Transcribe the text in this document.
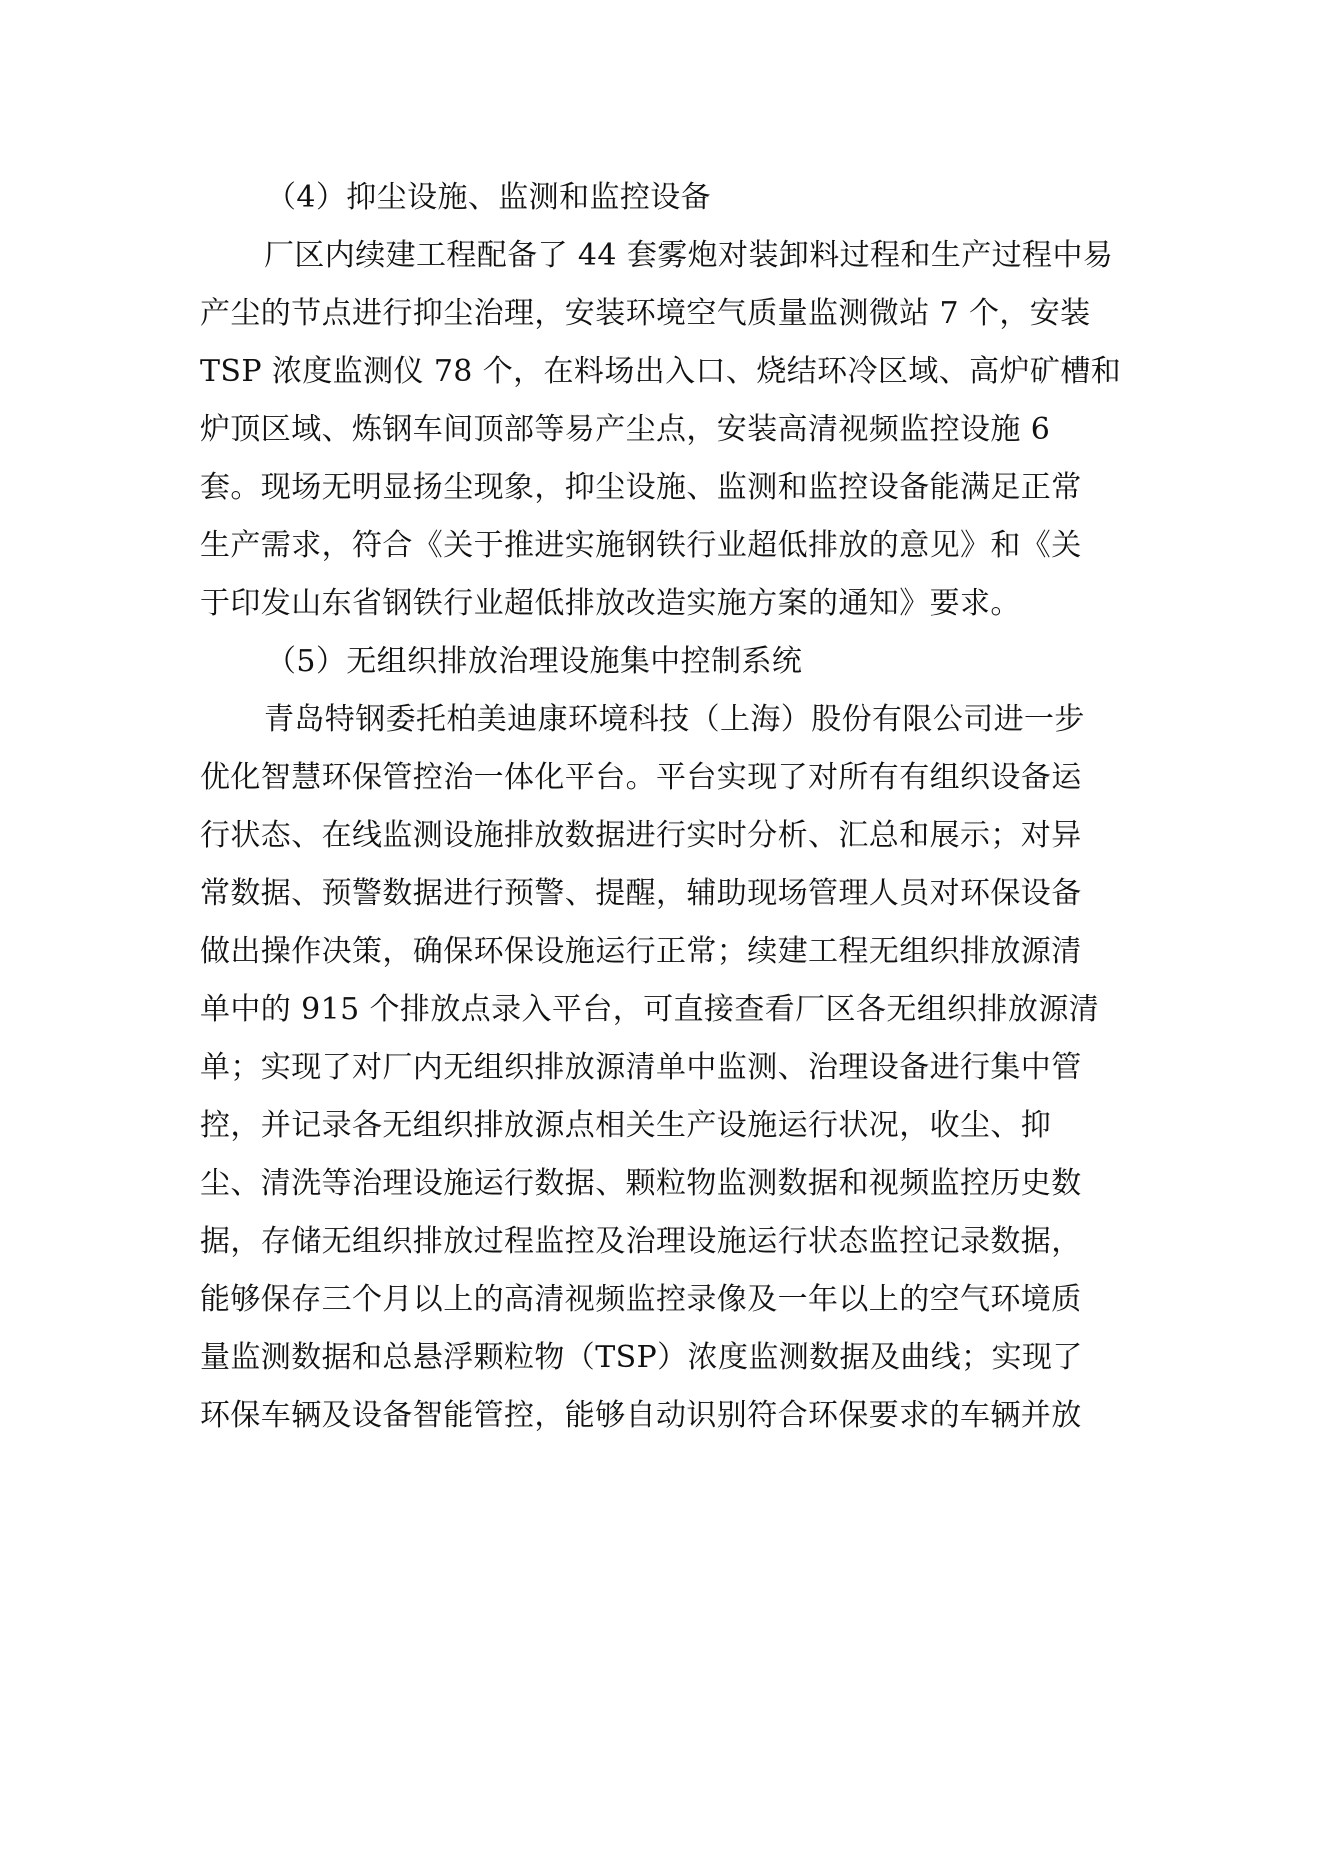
（4）抑尘设施、监测和监控设备
厂区内续建工程配备了 44 套雾炮对装卸料过程和生产过程中易
产尘的节点进行抑尘治理，安装环境空气质量监测微站 7 个，安装
TSP 浓度监测仪 78 个，在料场出入口、烧结环冷区域、高炉矿槽和
炉顶区域、炼钢车间顶部等易产尘点，安装高清视频监控设施 6
套。现场无明显扬尘现象，抑尘设施、监测和监控设备能满足正常
生产需求，符合《关于推进实施钢铁行业超低排放的意见》和《关
于印发山东省钢铁行业超低排放改造实施方案的通知》要求。
（5）无组织排放治理设施集中控制系统
青岛特钢委托柏美迪康环境科技（上海）股份有限公司进一步
优化智慧环保管控治一体化平台。平台实现了对所有有组织设备运
行状态、在线监测设施排放数据进行实时分析、汇总和展示；对异
常数据、预警数据进行预警、提醒，辅助现场管理人员对环保设备
做出操作决策，确保环保设施运行正常；续建工程无组织排放源清
单中的 915 个排放点录入平台，可直接查看厂区各无组织排放源清
单；实现了对厂内无组织排放源清单中监测、治理设备进行集中管
控，并记录各无组织排放源点相关生产设施运行状况，收尘、抑
尘、清洗等治理设施运行数据、颗粒物监测数据和视频监控历史数
据，存储无组织排放过程监控及治理设施运行状态监控记录数据，
能够保存三个月以上的高清视频监控录像及一年以上的空气环境质
量监测数据和总悬浮颗粒物（TSP）浓度监测数据及曲线；实现了
环保车辆及设备智能管控，能够自动识别符合环保要求的车辆并放
